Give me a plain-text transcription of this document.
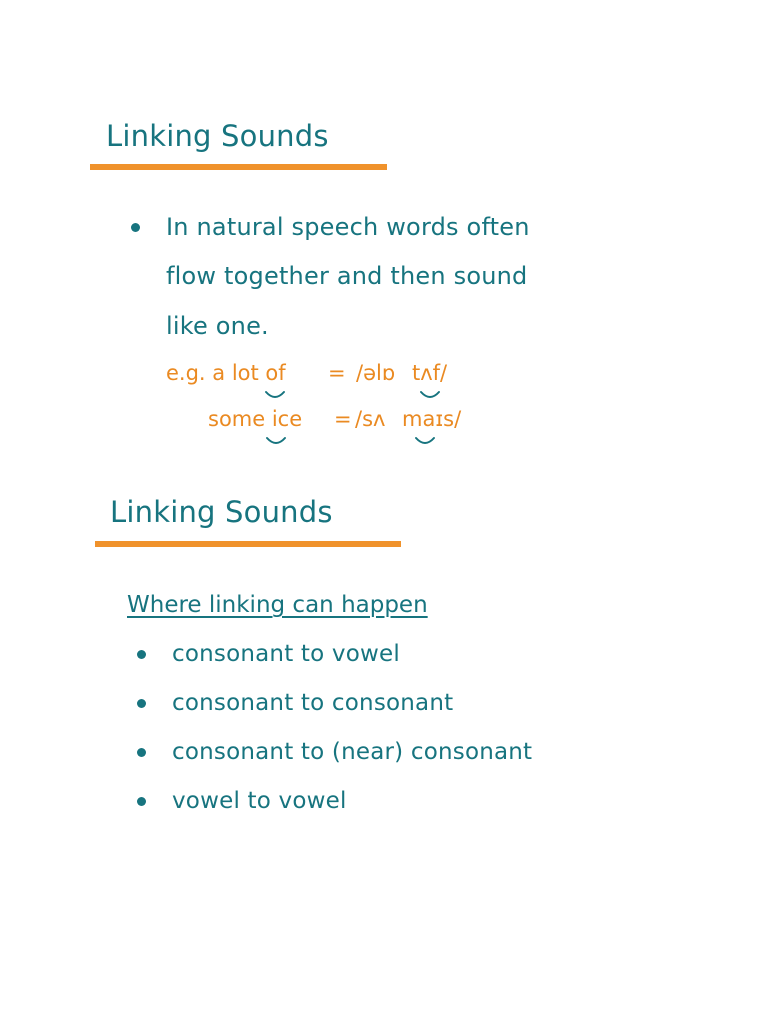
Linking Sounds

In natural speech words often

flow together and then sound

like one.

e.g. a lot of = /əlɒ tʌf/
some ice = /sʌ maɪs/
Linking Sounds

Where linking can happen

consonant to vowel

consonant to consonant

consonant to (near) consonant

vowel to vowel
